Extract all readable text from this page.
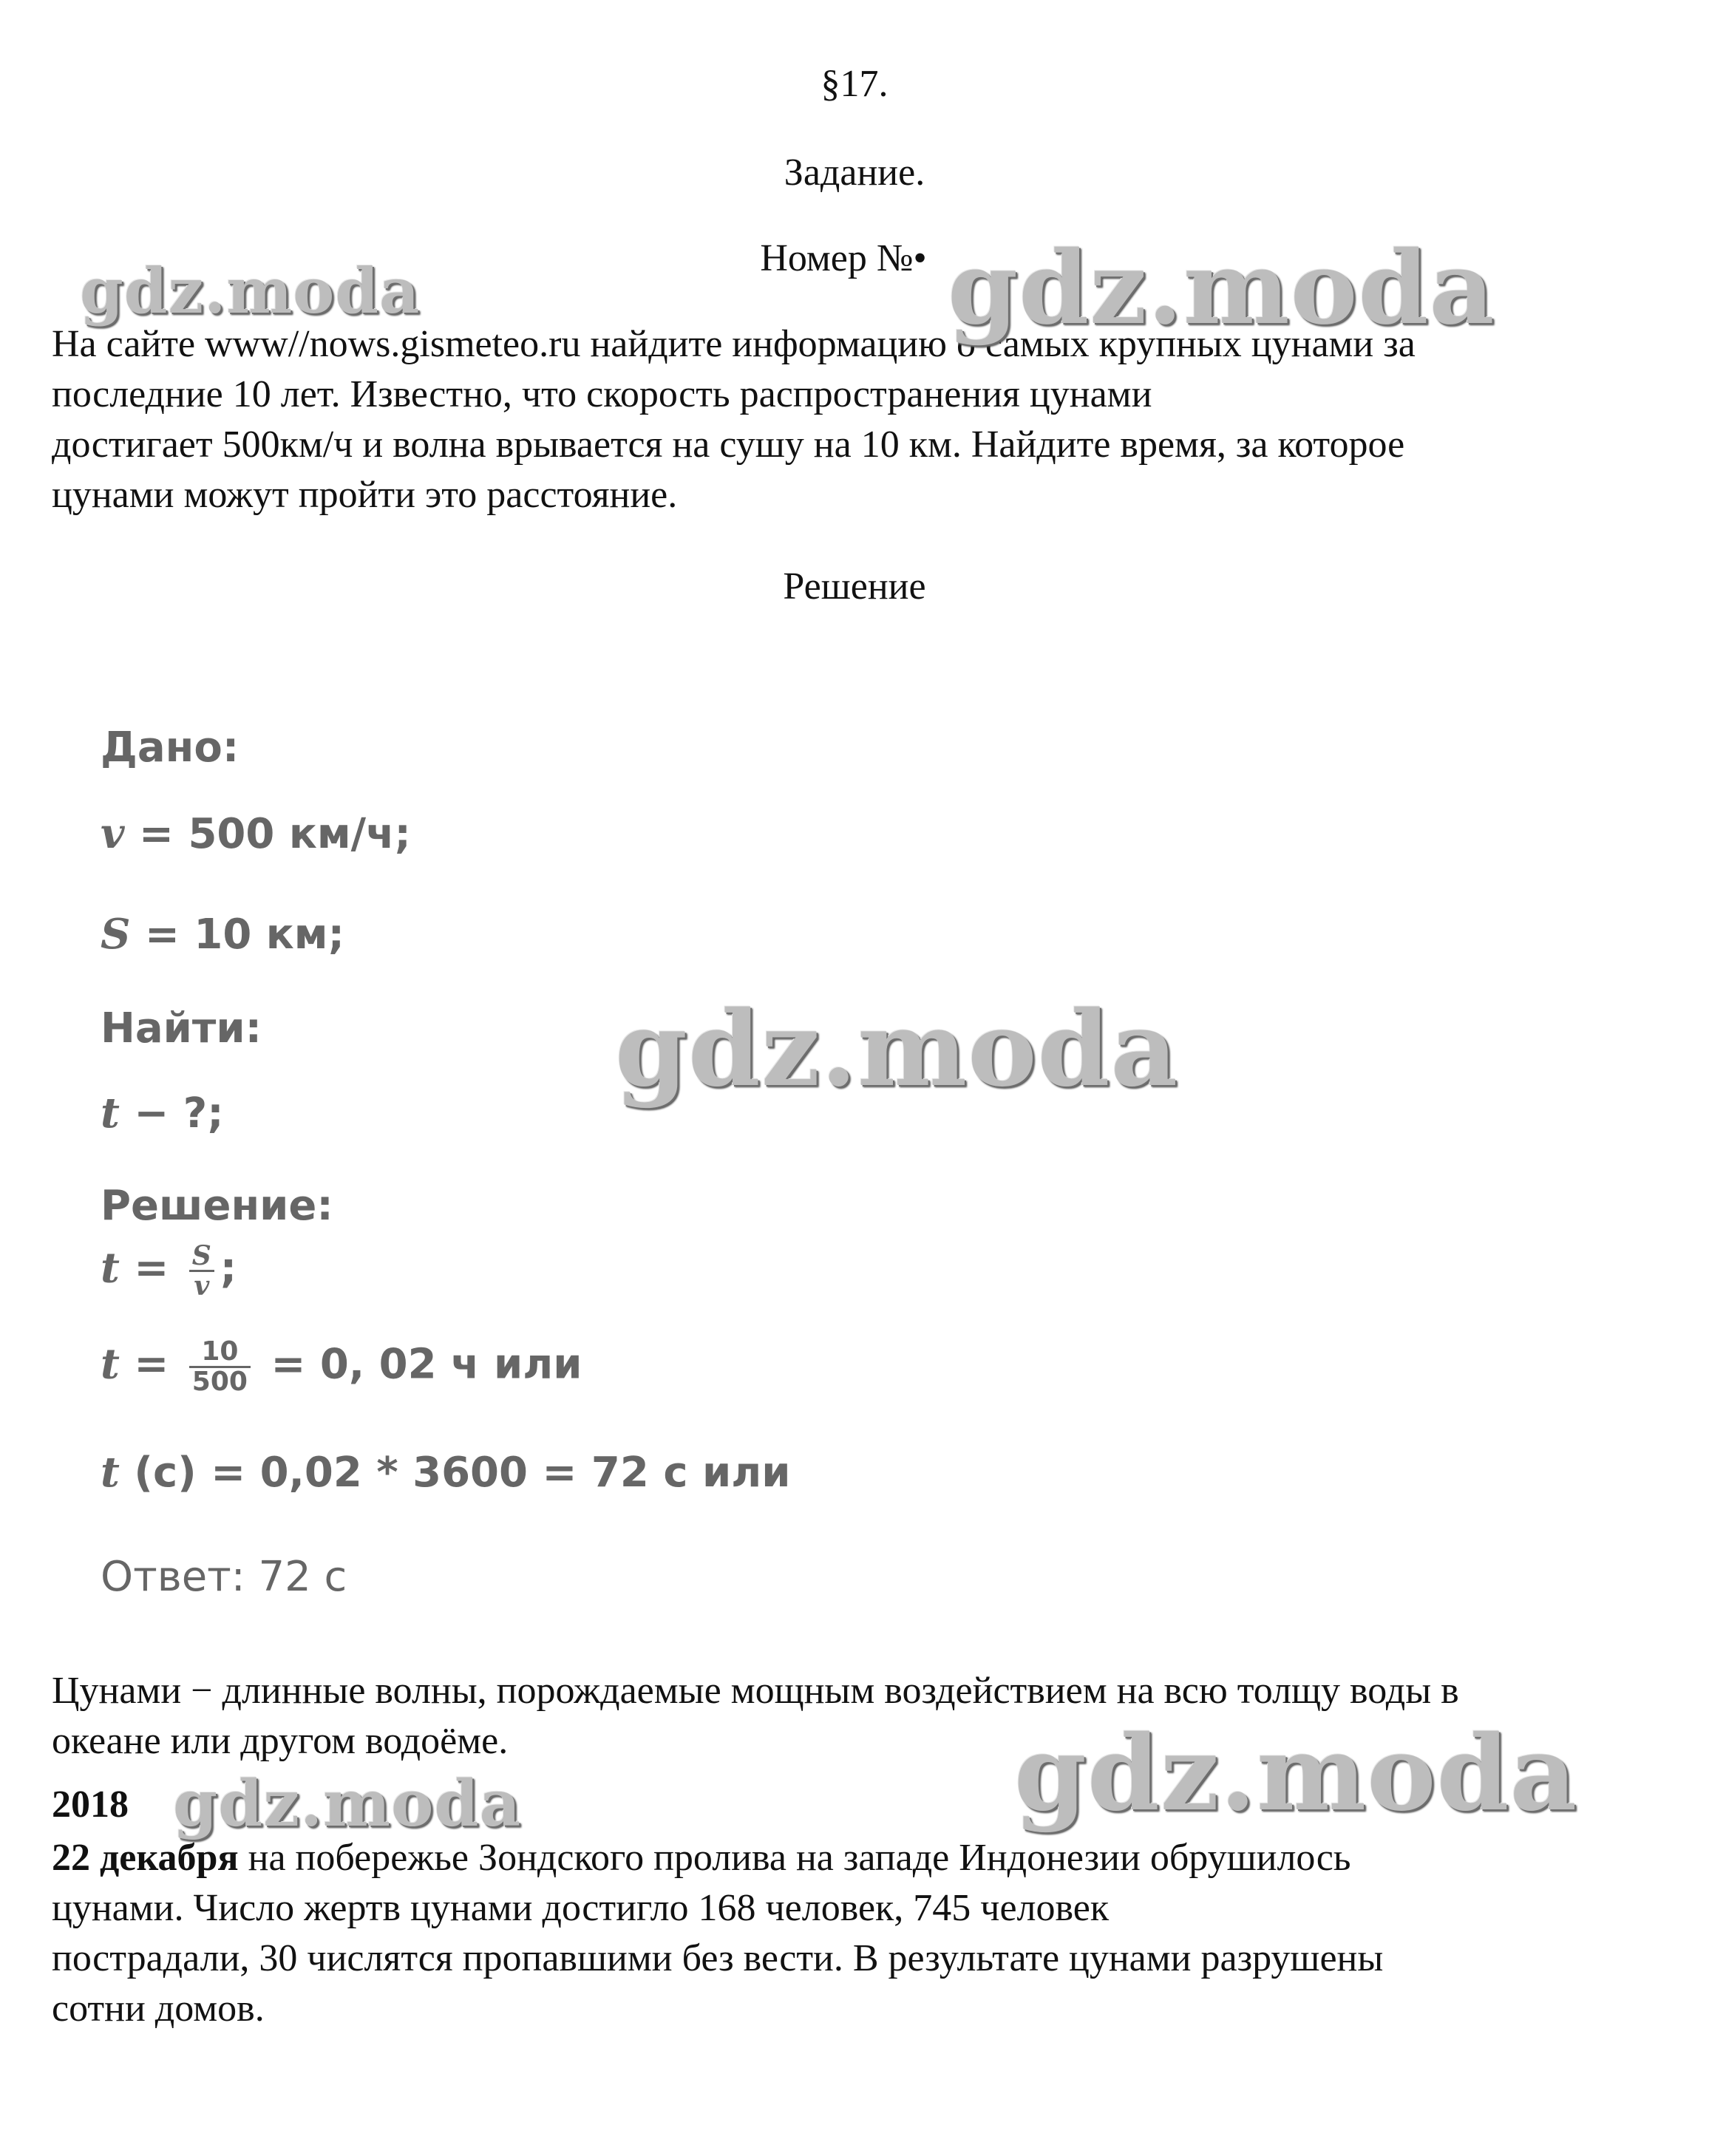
§17.
Задание.
Номер №•

На сайте www//nows.gismeteo.ru найдите информацию о самых крупных цунами за

последние 10 лет. Известно, что скорость распространения цунами

достигает 500км/ч и волна врывается на сушу на 10 км. Найдите время, за которое

цунами можут пройти это расстояние.

Решение
Дано:
v = 500 км/ч;
S = 10 км;
Найти:
t − ?;
Решение:
$t = \frac{S}{v}$ ;
$t = \frac{10}{500} = 0$, 02 ч или
t (с) = 0,02 * 3600 = 72 с или
Ответ: 72 с

Цунами − длинные волны, порождаемые мощным воздействием на всю толщу воды в

океане или другом водоёме.

2018

22 декабря на побережье Зондского пролива на западе Индонезии обрушилось

цунами. Число жертв цунами достигло 168 человек, 745 человек

пострадали, 30 числятся пропавшими без вести. В результате цунами разрушены

сотни домов.

gdz.moda	gdz.moda
gdz.moda
gdz.moda
gdz.moda
